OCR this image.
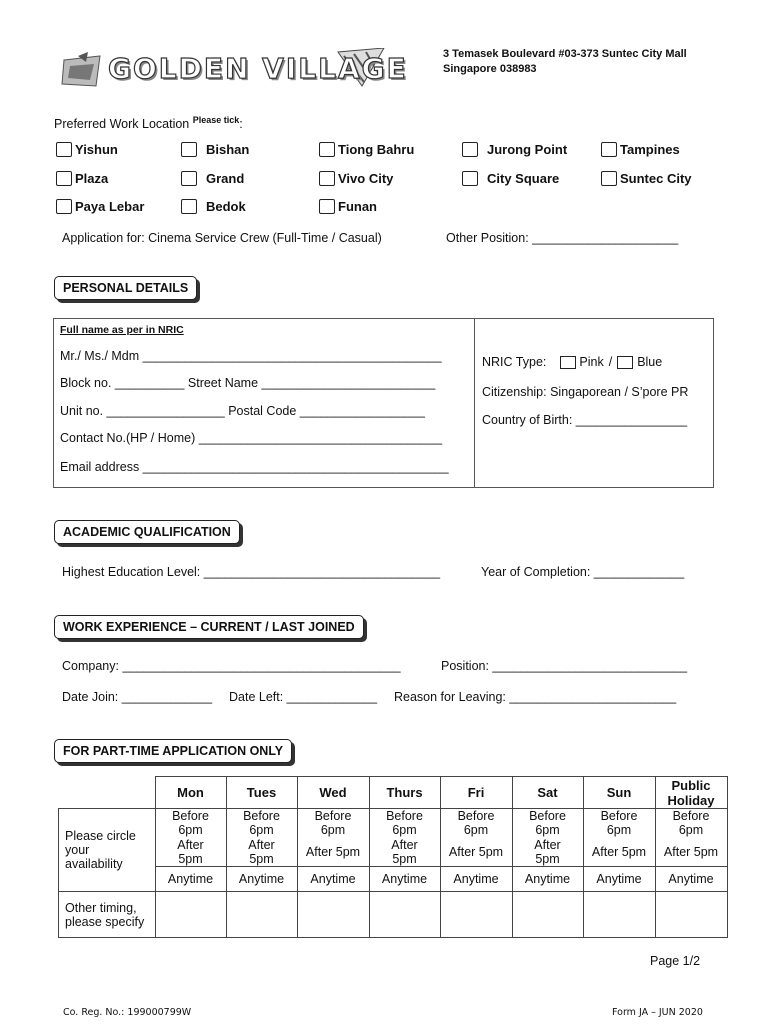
GOLDEN VILLAGE	3 Temasek Boulevard #03-373 Suntec City Mall
Singapore 038983
Preferred Work Location $^{Please tick}$:
Yishun	Bishan	Tiong Bahru	Jurong Point	Tampines
Plaza	Grand	Vivo City	City Square	Suntec City
Paya Lebar	Bedok	Funan
Application for: Cinema Service Crew (Full-Time / Casual)	Other Position: _____________________
PERSONAL DETAILS
Full name as per in NRIC
Mr./ Ms./ Mdm ___________________________________________
Block no. __________ Street Name _________________________
Unit no. _________________ Postal Code __________________
Contact No.(HP / Home) ___________________________________
Email address ____________________________________________
NRIC Type:	Pink / Blue
Citizenship: Singaporean / S’pore PR
Country of Birth: ________________
ACADEMIC QUALIFICATION
Highest Education Level: __________________________________	Year of Completion: _____________
WORK EXPERIENCE – CURRENT / LAST JOINED
Company: ________________________________________	Position: ____________________________
Date Join: _____________ Date Left: _____________ Reason for Leaving: ________________________
FOR PART-TIME APPLICATION ONLY
	Mon	Tues	Wed	Thurs	Fri	Sat	Sun	Public Holiday
Please circle your availability	Before 6pm	Before 6pm	Before 6pm	Before 6pm	Before 6pm	Before 6pm	Before 6pm	Before 6pm
	After 5pm	After 5pm	After 5pm	After 5pm	After 5pm	After 5pm	After 5pm	After 5pm
	Anytime	Anytime	Anytime	Anytime	Anytime	Anytime	Anytime	Anytime
Other timing, please specify								
Page 1/2
Co. Reg. No.: 199000799W	Form JA – JUN 2020
